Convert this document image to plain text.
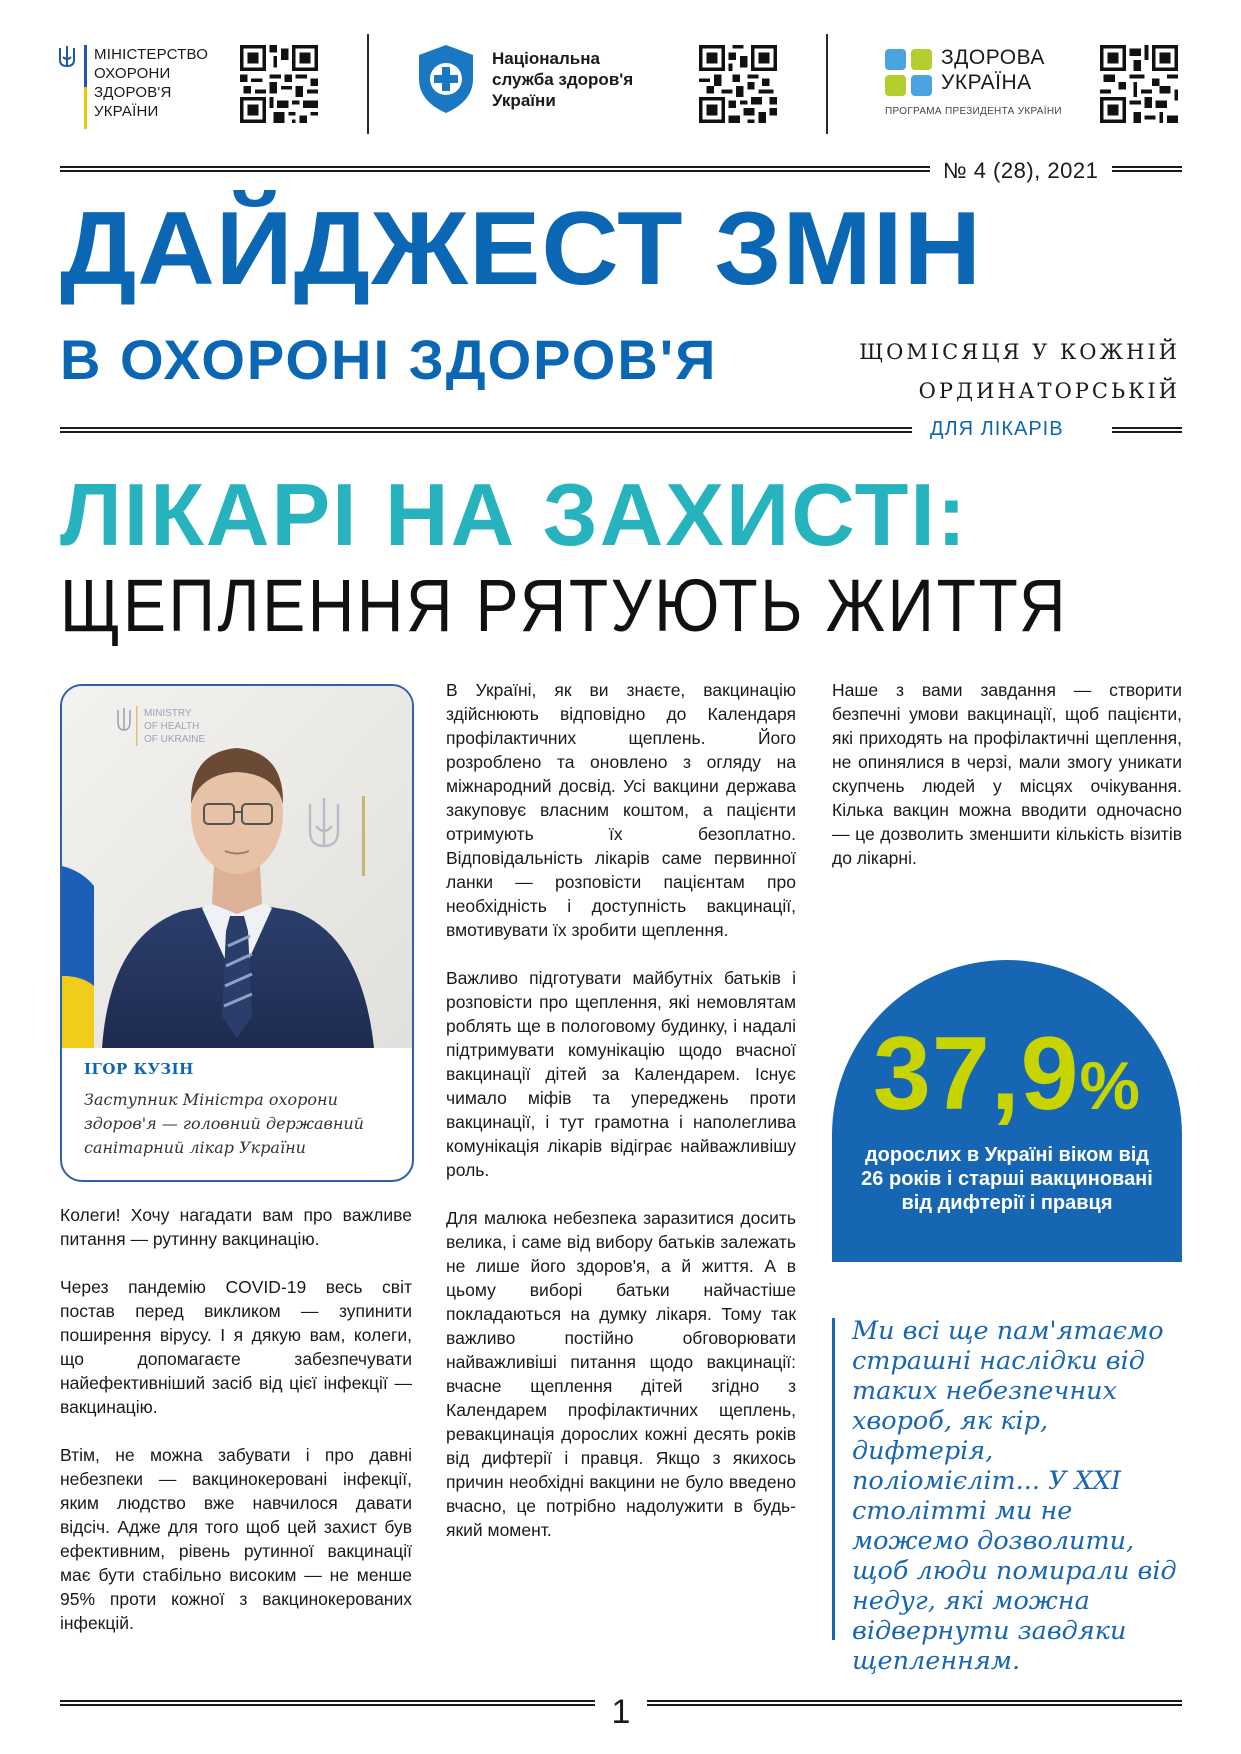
МІНІСТЕРСТВО
ОХОРОНИ
ЗДОРОВ'Я
УКРАЇНИ
Національна
служба здоров'я
України
ЗДОРОВА
УКРАЇНА
ПРОГРАМА ПРЕЗИДЕНТА УКРАЇНИ
№ 4 (28), 2021
ДАЙДЖЕСТ ЗМІН
В ОХОРОНІ ЗДОРОВ'Я	ЩОМІСЯЦЯ У КОЖНІЙ
ОРДИНАТОРСЬКІЙ
ДЛЯ ЛІКАРІВ
ЛІКАРІ НА ЗАХИСТІ:
ЩЕПЛЕННЯ РЯТУЮТЬ ЖИТТЯ
MINISTRY
OF HEALTH
OF UKRAINE
ІГОР КУЗІН
Заступник Міністра охорони здоров'я — головний державний санітарний лікар України

Колеги! Хочу нагадати вам про важливе питання — рутинну вакцинацію.

Через пандемію COVID-19 весь світ постав перед викликом — зупинити поширення вірусу. І я дякую вам, колеги, що допомагаєте забезпечувати найефективніший засіб від цієї інфекції — вакцинацію.

Втім, не можна забувати і про давні небезпеки — вакцинокеровані інфекції, яким людство вже навчилося давати відсіч. Адже для того щоб цей захист був ефективним, рівень рутинної вакцинації має бути стабільно високим — не менше 95% проти кожної з вакцинокерованих інфекцій.

В Україні, як ви знаєте, вакцинацію здійснюють відповідно до Календаря профілактичних щеплень. Його розроблено та оновлено з огляду на міжнародний досвід. Усі вакцини держава закуповує власним коштом, а пацієнти отримують їх безоплатно. Відповідальність лікарів саме первинної ланки — розповісти пацієнтам про необхідність і доступність вакцинації, вмотивувати їх зробити щеплення.

Важливо підготувати майбутніх батьків і розповісти про щеплення, які немовлятам роблять ще в пологовому будинку, і надалі підтримувати комунікацію щодо вчасної вакцинації дітей за Календарем. Існує чимало міфів та упереджень проти вакцинації, і тут грамотна і наполеглива комунікація лікарів відіграє найважливішу роль.

Для малюка небезпека заразитися досить велика, і саме від вибору батьків залежать не лише його здоров'я, а й життя. А в цьому виборі батьки найчастіше покладаються на думку лікаря. Тому так важливо постійно обговорювати найважливіші питання щодо вакцинації: вчасне щеплення дітей згідно з Календарем профілактичних щеплень, ревакцинація дорослих кожні десять років від дифтерії і правця. Якщо з якихось причин необхідні вакцини не було введено вчасно, це потрібно надолужити в будь-який момент.

Наше з вами завдання — створити безпечні умови вакцинації, щоб пацієнти, які приходять на профілактичні щеплення, не опинялися в черзі, мали змогу уникати скупчень людей у місцях очікування. Кілька вакцин можна вводити одночасно — це дозволить зменшити кількість візитів до лікарні.

37,9%
дорослих в Україні віком від 26 років і старші вакциновані від дифтерії і правця
Ми всі ще пам'ятаємо страшні наслідки від таких небезпечних хвороб, як кір, дифтерія, поліомієліт... У XXI столітті ми не можемо дозволити, щоб люди помирали від недуг, які можна відвернути завдяки щепленням.
1
